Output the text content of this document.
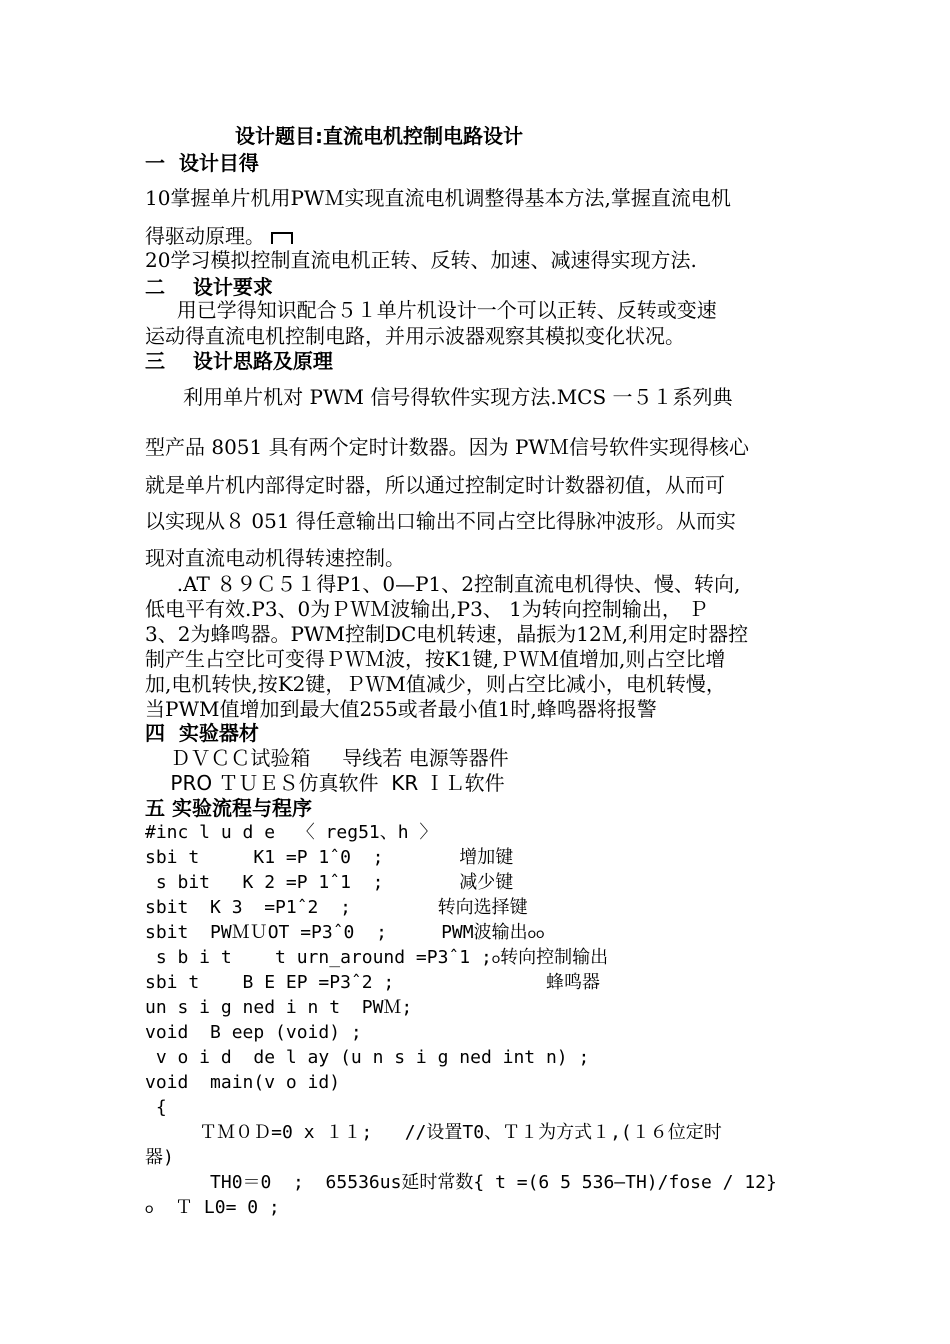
设计题目:直流电机控制电路设计
一  设计目得
10掌握单片机用PWＭ实现直流电机调整得基本方法,掌握直流电机
得驱动原理。
20学习模拟控制直流电机正转、反转、加速、减速得实现方法.
二    设计要求
用已学得知识配合５１单片机设计一个可以正转、反转或变速
运动得直流电机控制电路，并用示波器观察其模拟变化状况。
三    设计思路及原理
利用单片机对 PWM 信号得软件实现方法.MCS 一５１系列典
型产品 8051 具有两个定时计数器。因为 PWＭ信号软件实现得核心
就是单片机内部得定时器，所以通过控制定时计数器初值，从而可
以实现从８ 051 得任意输出口输出不同占空比得脉冲波形。从而实
现对直流电动机得转速控制。
.AT ８９Ｃ５１得P1、0—P1、2控制直流电机得快、慢、转向,
低电平有效.P3、0为ＰＷＭ波输出,P3、 1为转向控制输出， Ｐ
3、2为蜂鸣器。PWM控制DC电机转速，晶振为12Ｍ,利用定时器控
制产生占空比可变得ＰＷＭ波，按K1键,ＰＷＭ值增加,则占空比增
加,电机转快,按K2键，ＰＷM值减少，则占空比减小，电机转慢，
当PWM值增加到最大值255或者最小值1时,蜂鸣器将报警
四  实验器材
ＤＶＣＣ试验箱     导线若 电源等器件
PRO ＴＵＥＳ仿真软件  KR ＩＬ软件
五 实验流程与程序
#inc l u d e  〈 reg51、h 〉
sbi t     K1 =P 1ˆ0  ;       增加键
s bit   K 2 =P 1ˆ1  ;       减少键
sbit  K 3  =P1ˆ2  ;        转向选择键
sbit  PWＭＵOT =P3ˆ0  ;     PWM波输出ჿჿ
s b i t    t urn_around =P3ˆ1 ;ჿ转向控制输出
sbi t    B E EP =P3ˆ2 ;              蜂鸣器
un s i g ned i n t  PWＭ;
void  B eep (void) ;
v o i d  de l ay (u n s i g ned int n) ;
void  main(v o id)
{
ＴＭ０Ｄ=0 x １１;   //设置T0、Ｔ１为方式１,(１６位定时
器)
TH0＝0  ;  65536us延时常数{ t =(6 5 536—TH)/fose / 12}
ჿ  Ｔ L0= 0 ;
